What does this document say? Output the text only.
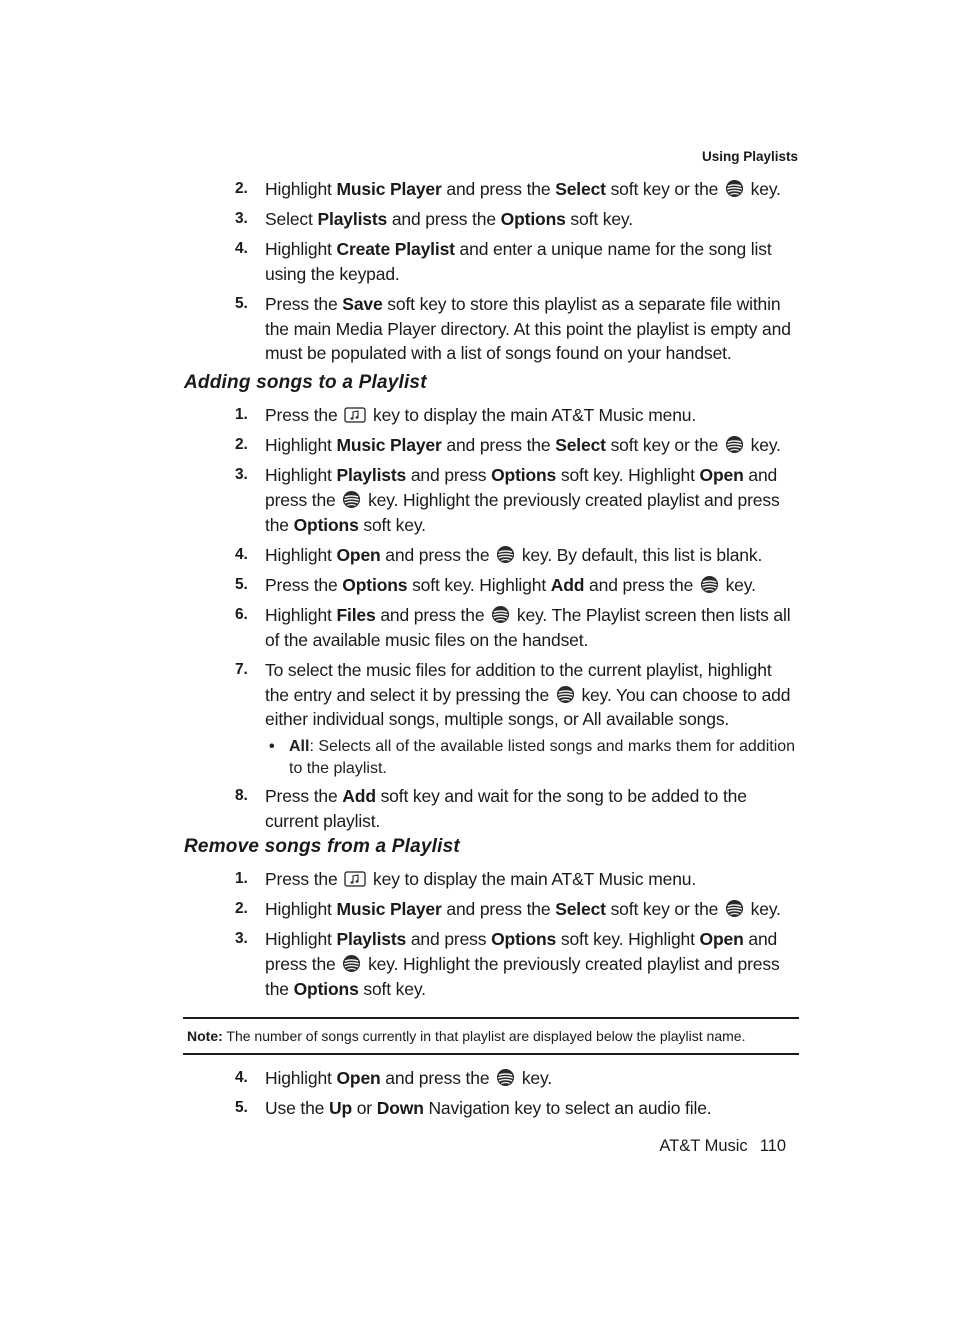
Using Playlists
2. Highlight Music Player and press the Select soft key or the  key.
3. Select Playlists and press the Options soft key.
4. Highlight Create Playlist and enter a unique name for the song list using the keypad.
5. Press the Save soft key to store this playlist as a separate file within the main Media Player directory. At this point the playlist is empty and must be populated with a list of songs found on your handset.
Adding songs to a Playlist
1. Press the  key to display the main AT&T Music menu.
2. Highlight Music Player and press the Select soft key or the  key.
3. Highlight Playlists and press Options soft key. Highlight Open and press the  key. Highlight the previously created playlist and press the Options soft key.
4. Highlight Open and press the  key. By default, this list is blank.
5. Press the Options soft key. Highlight Add and press the  key.
6. Highlight Files and press the  key. The Playlist screen then lists all of the available music files on the handset.
7. To select the music files for addition to the current playlist, highlight the entry and select it by pressing the  key. You can choose to add either individual songs, multiple songs, or All available songs.
• All: Selects all of the available listed songs and marks them for addition to the playlist.
8. Press the Add soft key and wait for the song to be added to the current playlist.
Remove songs from a Playlist
1. Press the  key to display the main AT&T Music menu.
2. Highlight Music Player and press the Select soft key or the  key.
3. Highlight Playlists and press Options soft key. Highlight Open and press the  key. Highlight the previously created playlist and press the Options soft key.
Note: The number of songs currently in that playlist are displayed below the playlist name.
4. Highlight Open and press the  key.
5. Use the Up or Down Navigation key to select an audio file.
AT&T Music 110
